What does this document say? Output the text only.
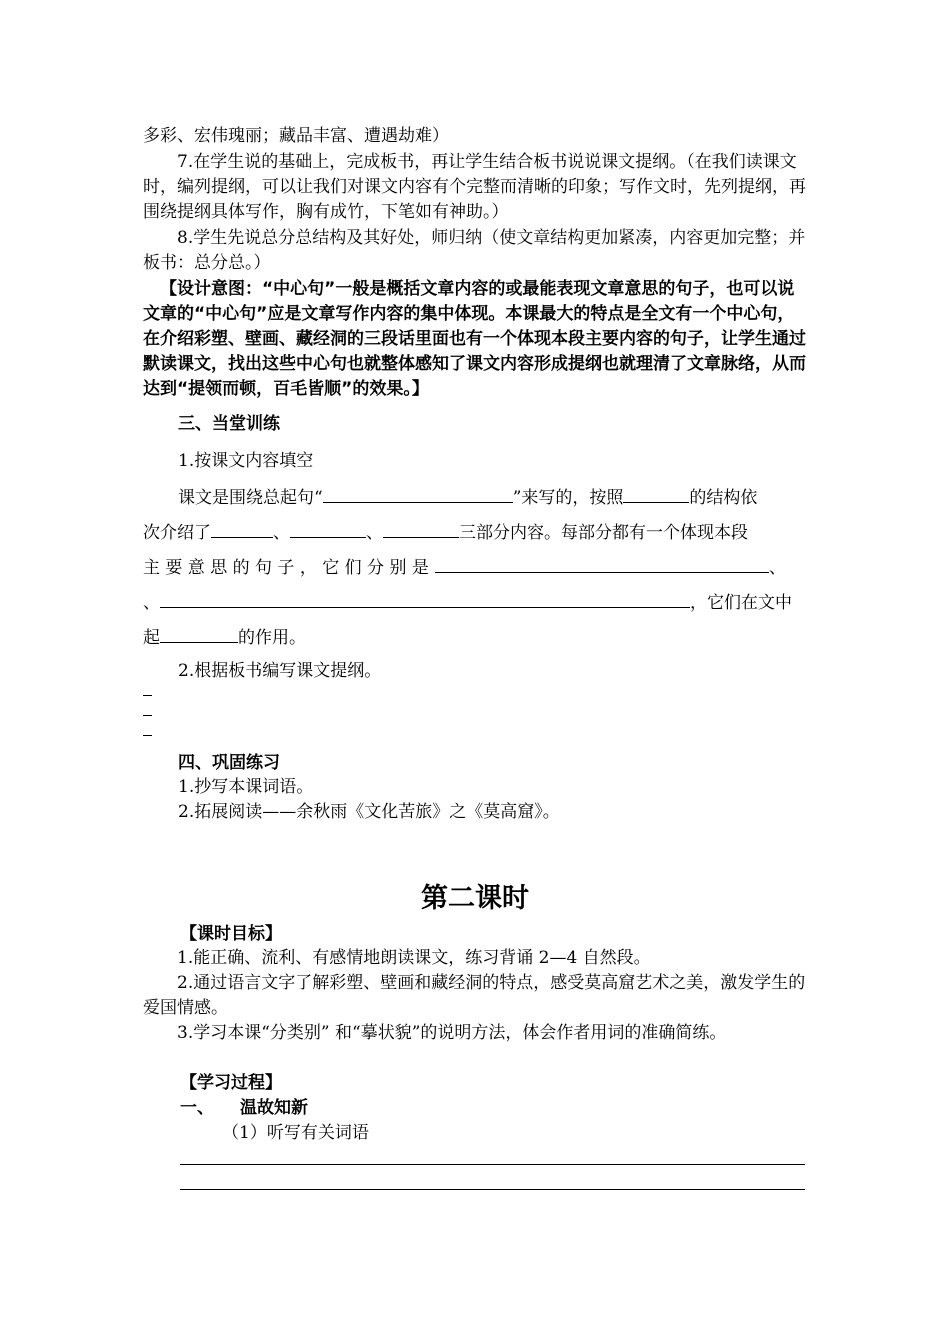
多彩、宏伟瑰丽；藏品丰富、遭遇劫难）

7.在学生说的基础上，完成板书，再让学生结合板书说说课文提纲。（在我们读课文时，编列提纲，可以让我们对课文内容有个完整而清晰的印象；写作文时，先列提纲，再围绕提纲具体写作，胸有成竹，下笔如有神助。）

8.学生先说总分总结构及其好处，师归纳（使文章结构更加紧凑，内容更加完整；并板书：总分总。）

【设计意图：“中心句”一般是概括文章内容的或最能表现文章意思的句子，也可以说文章的“中心句”应是文章写作内容的集中体现。本课最大的特点是全文有一个中心句，在介绍彩塑、壁画、藏经洞的三段话里面也有一个体现本段主要内容的句子，让学生通过默读课文，找出这些中心句也就整体感知了课文内容形成提纲也就理清了文章脉络，从而达到“提领而顿，百毛皆顺”的效果。】

三、当堂训练

1.按课文内容填空

课文是围绕总起句“	”来写的，按照	的结构依

次介绍了	、	、	三部分内容。每部分都有一个体现本段

主 要 意 思 的 句 子 ， 它 们 分 别 是	、

、	，它们在文中

起	的作用。

2.根据板书编写课文提纲。

四、巩固练习

1.抄写本课词语。

2.拓展阅读——余秋雨《文化苦旅》之《莫高窟》。

第二课时

【课时目标】

1.能正确、流利、有感情地朗读课文，练习背诵 2—4 自然段。

2.通过语言文字了解彩塑、壁画和藏经洞的特点，感受莫高窟艺术之美，激发学生的爱国情感。

3.学习本课“分类别” 和“摹状貌”的说明方法，体会作者用词的准确简练。

【学习过程】

一、 温故知新

（1）听写有关词语
